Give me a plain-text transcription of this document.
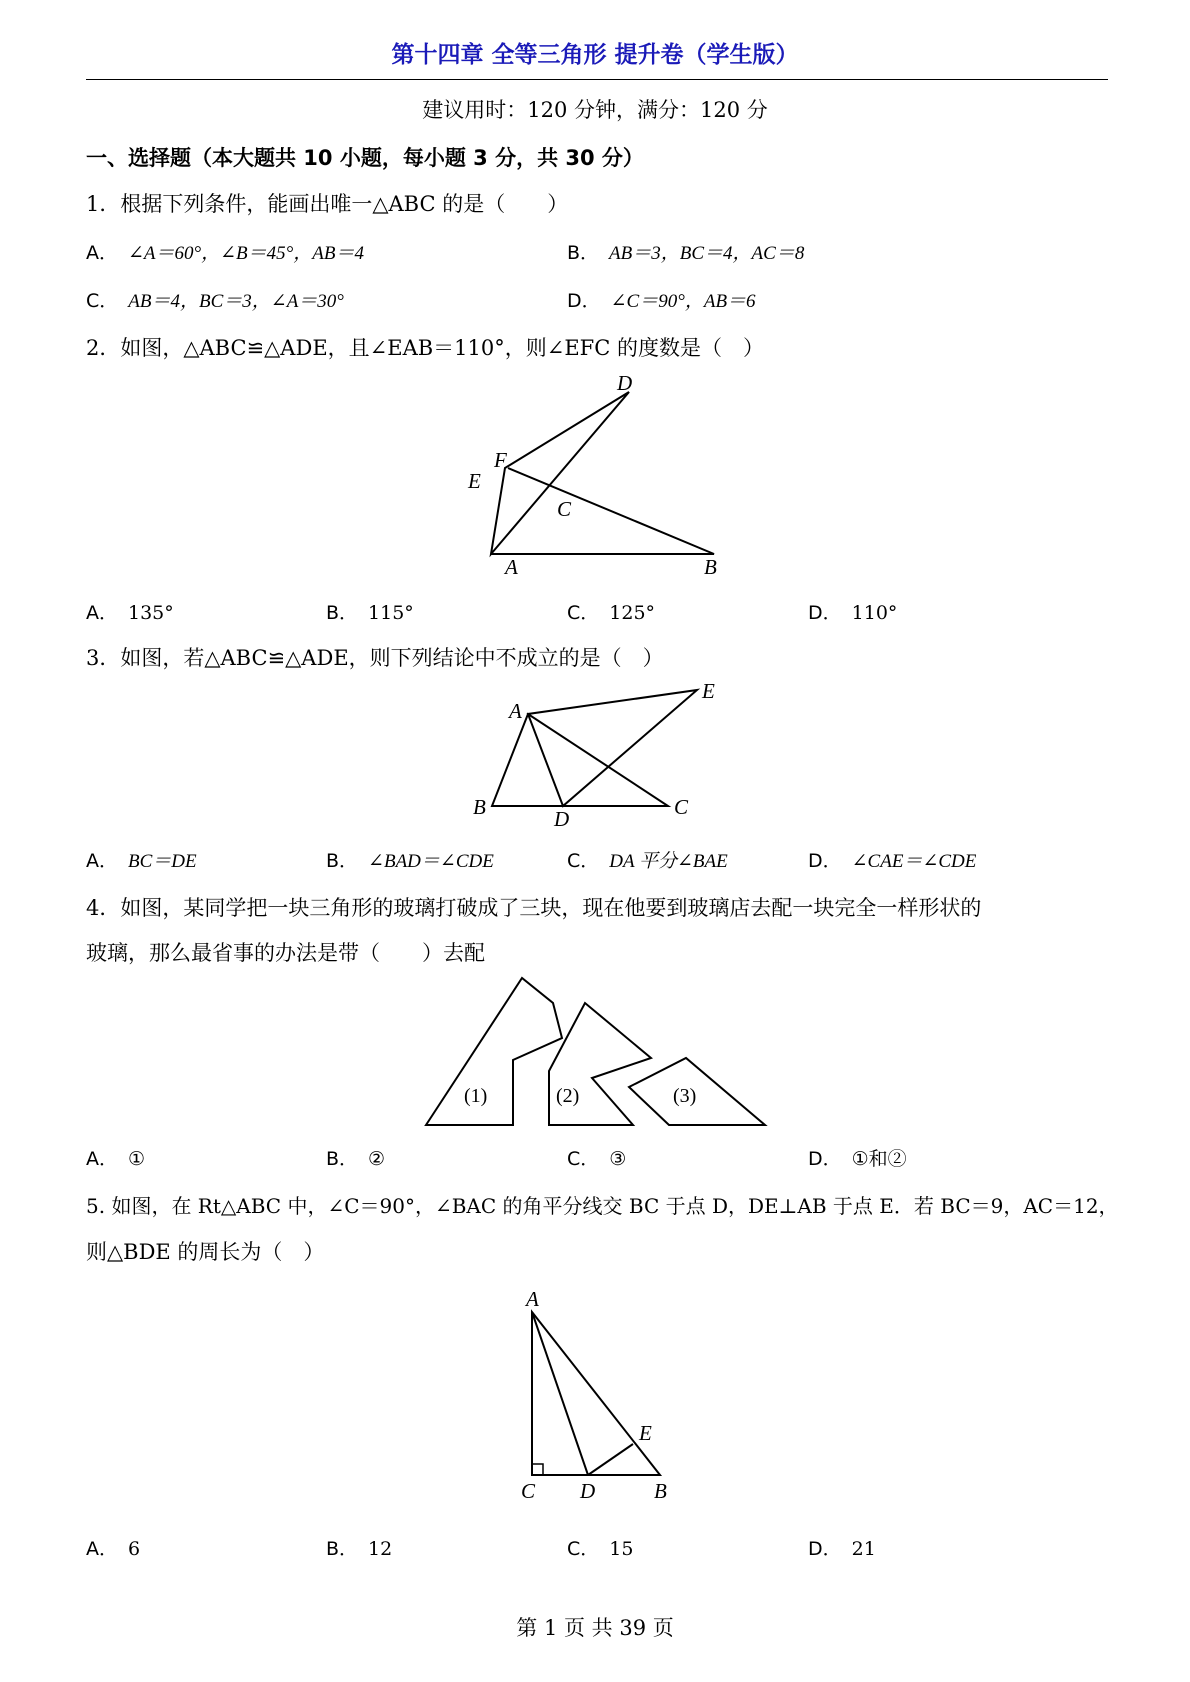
第十四章 全等三角形 提升卷（学生版）
建议用时：120 分钟，满分：120 分
一、选择题（本大题共 10 小题，每小题 3 分，共 30 分）
1．根据下列条件，能画出唯一△ABC 的是（　　）
A． ∠A＝60°，∠B＝45°，AB＝4	B． AB＝3，BC＝4，AC＝8
C． AB＝4，BC＝3，∠A＝30°	D． ∠C＝90°，AB＝6
2．如图，△ABC≌△ADE，且∠EAB＝110°，则∠EFC 的度数是（　）
D
F
E
C
A	B
A． 135°	B． 115°	C． 125°	D． 110°
3．如图，若△ABC≌△ADE，则下列结论中不成立的是（　）
A
E
B	D	C
A． BC＝DE	B． ∠BAD＝∠CDE	C． DA 平分∠BAE	D． ∠CAE＝∠CDE
4．如图，某同学把一块三角形的玻璃打破成了三块，现在他要到玻璃店去配一块完全一样形状的
玻璃，那么最省事的办法是带（　　）去配
(1)	(2)	(3)
A． ①	B． ②	C． ③	D． ①和②
5. 如图，在 Rt△ABC 中，∠C＝90°，∠BAC 的角平分线交 BC 于点 D，DE⊥AB 于点 E．若 BC＝9，AC＝12，
则△BDE 的周长为（　）
A
E
C D	B
A． 6	B． 12	C． 15	D． 21
第 1 页 共 39 页
